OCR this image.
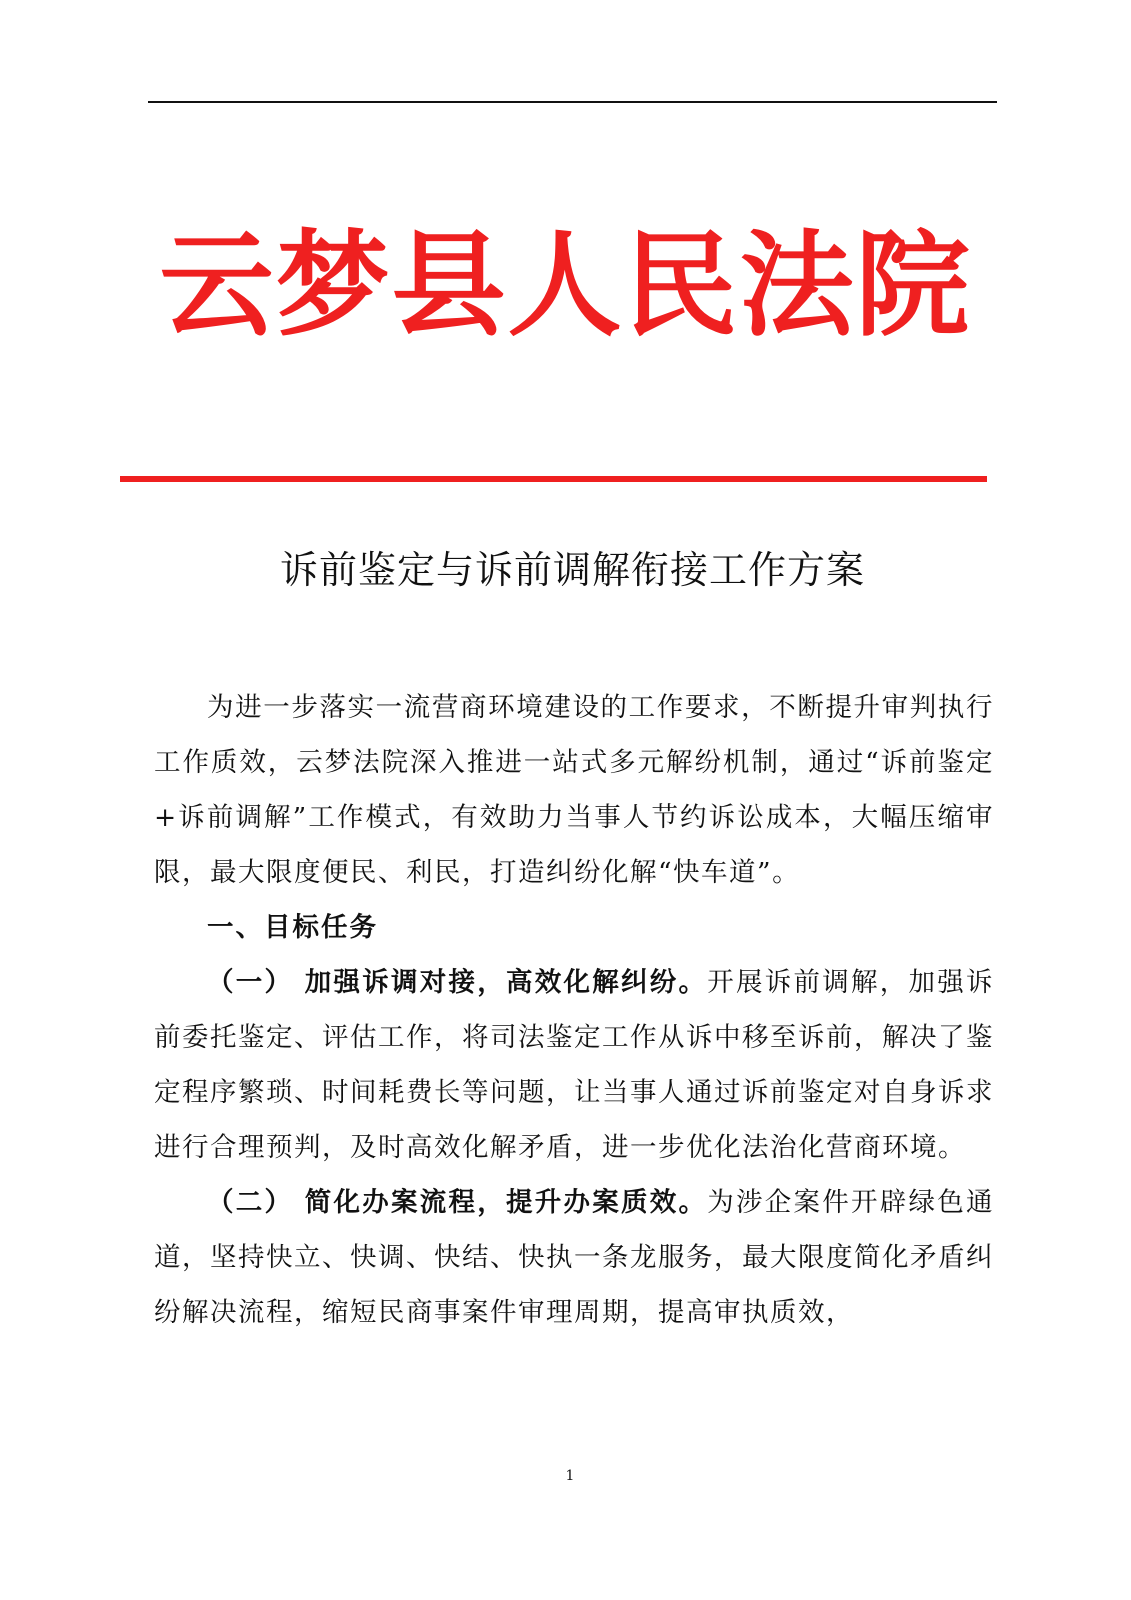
云梦县人民法院
诉前鉴定与诉前调解衔接工作方案

为进一步落实一流营商环境建设的工作要求，不断提升审判执行工作质效，云梦法院深入推进一站式多元解纷机制，通过“诉前鉴定+诉前调解”工作模式，有效助力当事人节约诉讼成本，大幅压缩审限，最大限度便民、利民，打造纠纷化解“快车道”。

一、目标任务

（一） 加强诉调对接，高效化解纠纷。开展诉前调解，加强诉前委托鉴定、评估工作，将司法鉴定工作从诉中移至诉前，解决了鉴定程序繁琐、时间耗费长等问题，让当事人通过诉前鉴定对自身诉求进行合理预判，及时高效化解矛盾，进一步优化法治化营商环境。

（二） 简化办案流程，提升办案质效。为涉企案件开辟绿色通道，坚持快立、快调、快结、快执一条龙服务，最大限度简化矛盾纠纷解决流程，缩短民商事案件审理周期，提高审执质效，

1
